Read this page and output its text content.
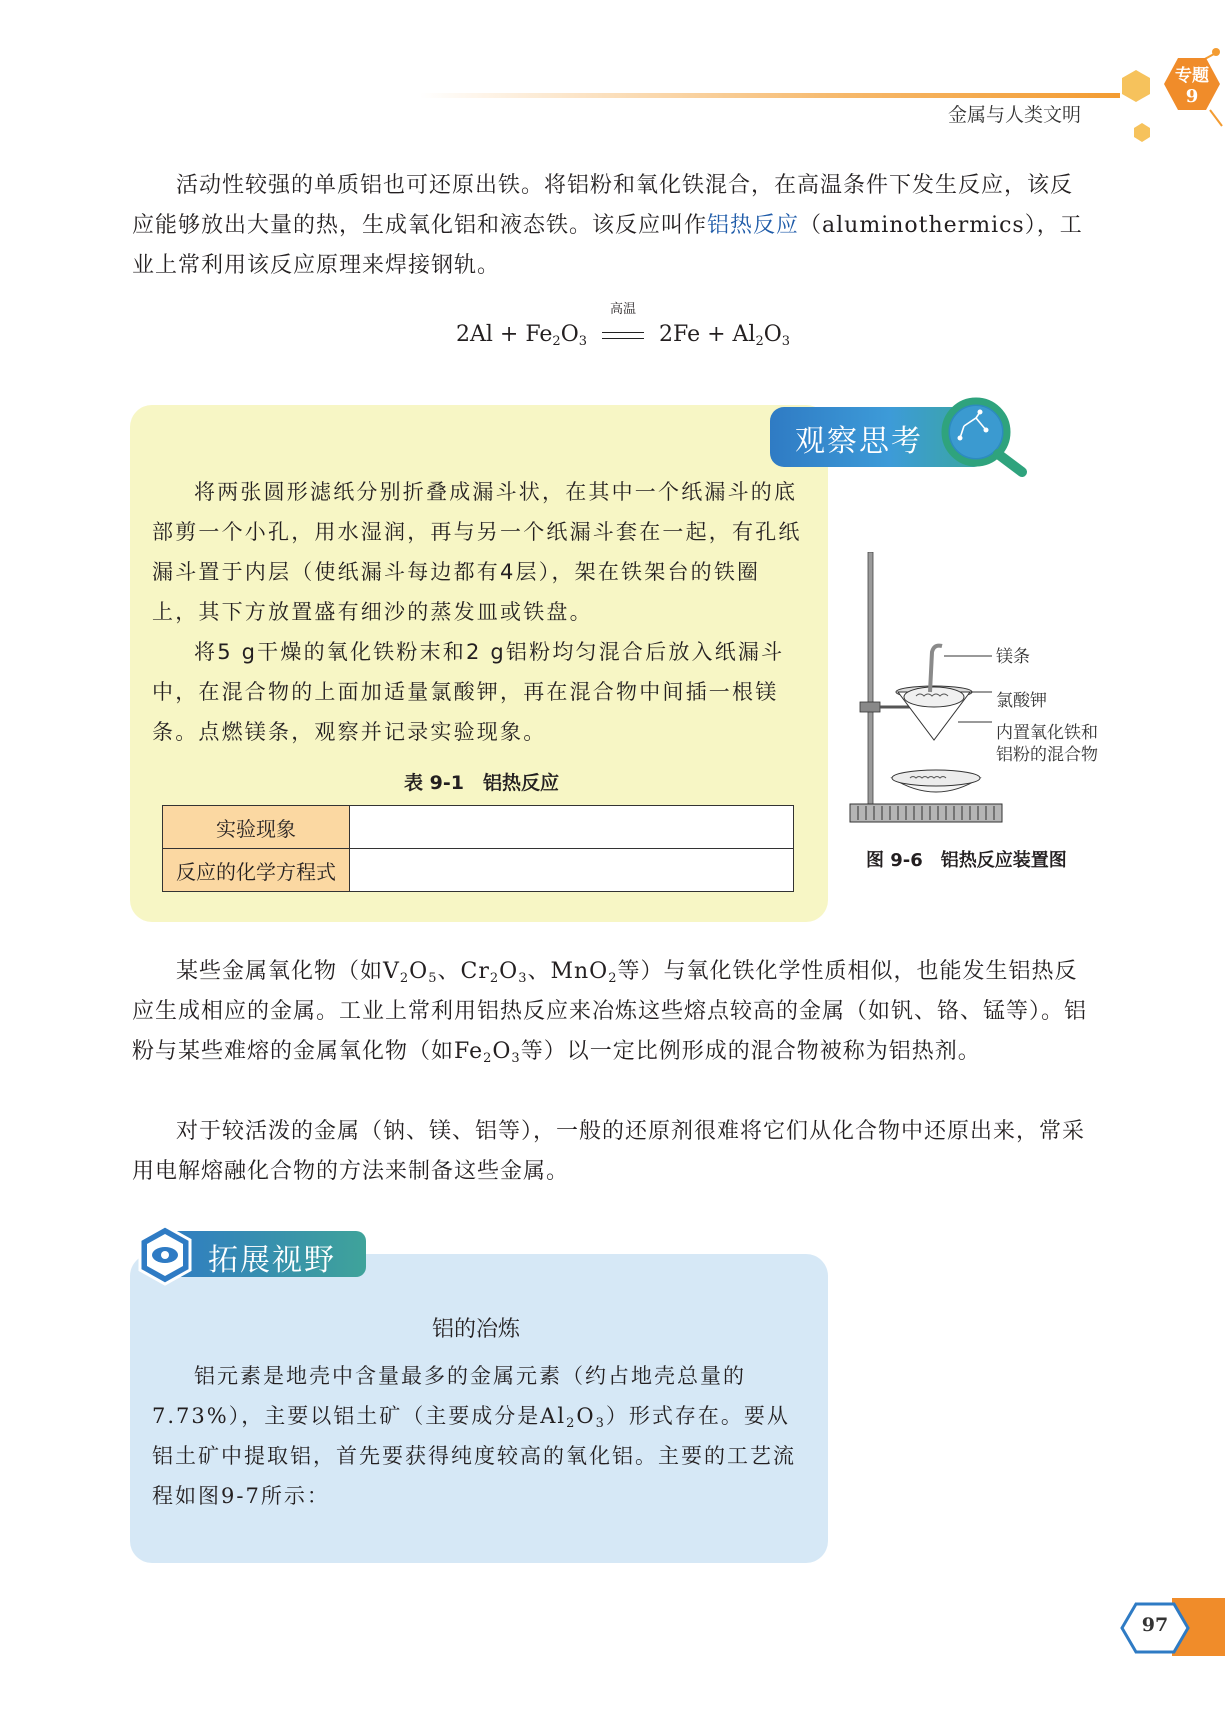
金属与人类文明
专题
9

活动性较强的单质铝也可还原出铁。将铝粉和氧化铁混合，在高温条件下发生反应，该反应能够放出大量的热，生成氧化铝和液态铁。该反应叫作铝热反应（aluminothermics），工业上常利用该反应原理来焊接钢轨。

$2Al + Fe_2O_3$
高温
$2Fe + Al_2O_3$
观察思考

将两张圆形滤纸分别折叠成漏斗状，在其中一个纸漏斗的底部剪一个小孔，用水湿润，再与另一个纸漏斗套在一起，有孔纸漏斗置于内层（使纸漏斗每边都有4层），架在铁架台的铁圈上，其下方放置盛有细沙的蒸发皿或铁盘。

将5 g干燥的氧化铁粉末和2 g铝粉均匀混合后放入纸漏斗中，在混合物的上面加适量氯酸钾，再在混合物中间插一根镁条。点燃镁条，观察并记录实验现象。

表 9-1　铝热反应
实验现象	
反应的化学方程式	
镁条
氯酸钾
内置氧化铁和
铝粉的混合物
图 9-6　铝热反应装置图

某些金属氧化物（如$V_2O_5$、$Cr_2O_3$、MnO$_2$等）与氧化铁化学性质相似，也能发生铝热反应生成相应的金属。工业上常利用铝热反应来冶炼这些熔点较高的金属（如钒、铬、锰等）。铝粉与某些难熔的金属氧化物（如$Fe_2O_3$等）以一定比例形成的混合物被称为铝热剂。

对于较活泼的金属（钠、镁、铝等），一般的还原剂很难将它们从化合物中还原出来，常采用电解熔融化合物的方法来制备这些金属。

拓展视野
铝的冶炼

铝元素是地壳中含量最多的金属元素（约占地壳总量的7.73%），主要以铝土矿（主要成分是$Al_2O_3$）形式存在。要从铝土矿中提取铝，首先要获得纯度较高的氧化铝。主要的工艺流程如图9-7所示：

97
